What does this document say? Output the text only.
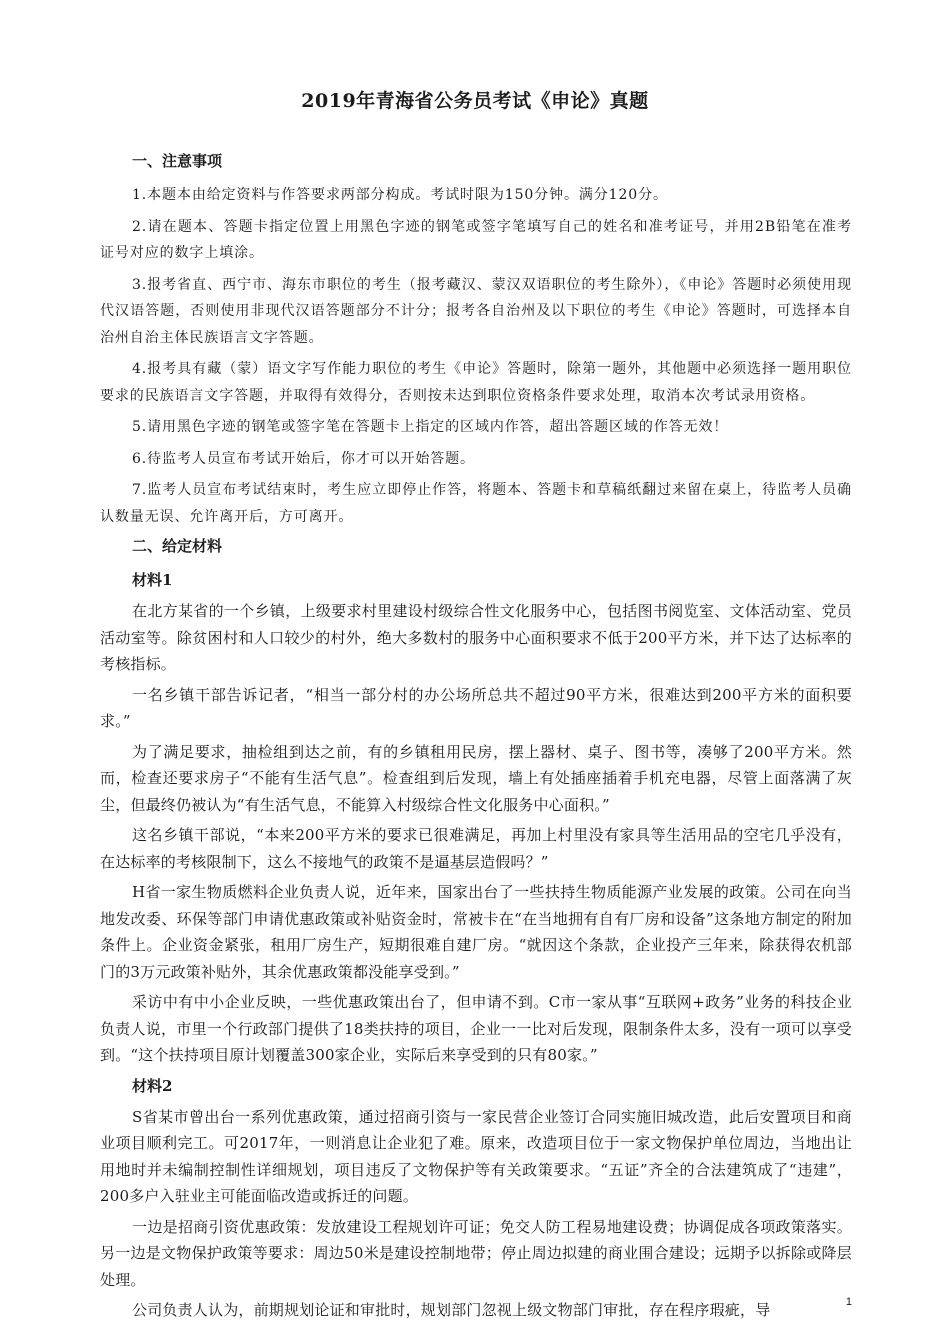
2019年青海省公务员考试《申论》真题

一、注意事项

1.本题本由给定资料与作答要求两部分构成。考试时限为150分钟。满分120分。

2.请在题本、答题卡指定位置上用黑色字迹的钢笔或签字笔填写自己的姓名和准考证号，并用2B铅笔在准考证号对应的数字上填涂。

3.报考省直、西宁市、海东市职位的考生（报考藏汉、蒙汉双语职位的考生除外），《申论》答题时必须使用现代汉语答题，否则使用非现代汉语答题部分不计分；报考各自治州及以下职位的考生《申论》答题时，可选择本自治州自治主体民族语言文字答题。

4.报考具有藏（蒙）语文字写作能力职位的考生《申论》答题时，除第一题外，其他题中必须选择一题用职位要求的民族语言文字答题，并取得有效得分，否则按未达到职位资格条件要求处理，取消本次考试录用资格。

5.请用黑色字迹的钢笔或签字笔在答题卡上指定的区域内作答，超出答题区域的作答无效！

6.待监考人员宣布考试开始后，你才可以开始答题。

7.监考人员宣布考试结束时，考生应立即停止作答，将题本、答题卡和草稿纸翻过来留在桌上，待监考人员确认数量无误、允许离开后，方可离开。

二、给定材料

材料1

在北方某省的一个乡镇，上级要求村里建设村级综合性文化服务中心，包括图书阅览室、文体活动室、党员活动室等。除贫困村和人口较少的村外，绝大多数村的服务中心面积要求不低于200平方米，并下达了达标率的考核指标。

一名乡镇干部告诉记者，“相当一部分村的办公场所总共不超过90平方米，很难达到200平方米的面积要求。”

为了满足要求，抽检组到达之前，有的乡镇租用民房，摆上器材、桌子、图书等，凑够了200平方米。然而，检查还要求房子“不能有生活气息”。检查组到后发现，墙上有处插座插着手机充电器，尽管上面落满了灰尘，但最终仍被认为“有生活气息，不能算入村级综合性文化服务中心面积。”

这名乡镇干部说，“本来200平方米的要求已很难满足，再加上村里没有家具等生活用品的空宅几乎没有，在达标率的考核限制下，这么不接地气的政策不是逼基层造假吗？”

H省一家生物质燃料企业负责人说，近年来，国家出台了一些扶持生物质能源产业发展的政策。公司在向当地发改委、环保等部门申请优惠政策或补贴资金时，常被卡在“在当地拥有自有厂房和设备”这条地方制定的附加条件上。企业资金紧张，租用厂房生产，短期很难自建厂房。“就因这个条款，企业投产三年来，除获得农机部门的3万元政策补贴外，其余优惠政策都没能享受到。”

采访中有中小企业反映，一些优惠政策出台了，但申请不到。C市一家从事“互联网+政务”业务的科技企业负责人说，市里一个行政部门提供了18类扶持的项目，企业一一比对后发现，限制条件太多，没有一项可以享受到。“这个扶持项目原计划覆盖300家企业，实际后来享受到的只有80家。”

材料2

S省某市曾出台一系列优惠政策，通过招商引资与一家民营企业签订合同实施旧城改造，此后安置项目和商业项目顺利完工。可2017年，一则消息让企业犯了难。原来，改造项目位于一家文物保护单位周边，当地出让用地时并未编制控制性详细规划，项目违反了文物保护等有关政策要求。“五证”齐全的合法建筑成了“违建”，200多户入驻业主可能面临改造或拆迁的问题。

一边是招商引资优惠政策：发放建设工程规划许可证；免交人防工程易地建设费；协调促成各项政策落实。另一边是文物保护政策等要求：周边50米是建设控制地带；停止周边拟建的商业围合建设；远期予以拆除或降层处理。

公司负责人认为，前期规划论证和审批时，规划部门忽视上级文物部门审批，存在程序瑕疵，导	1
